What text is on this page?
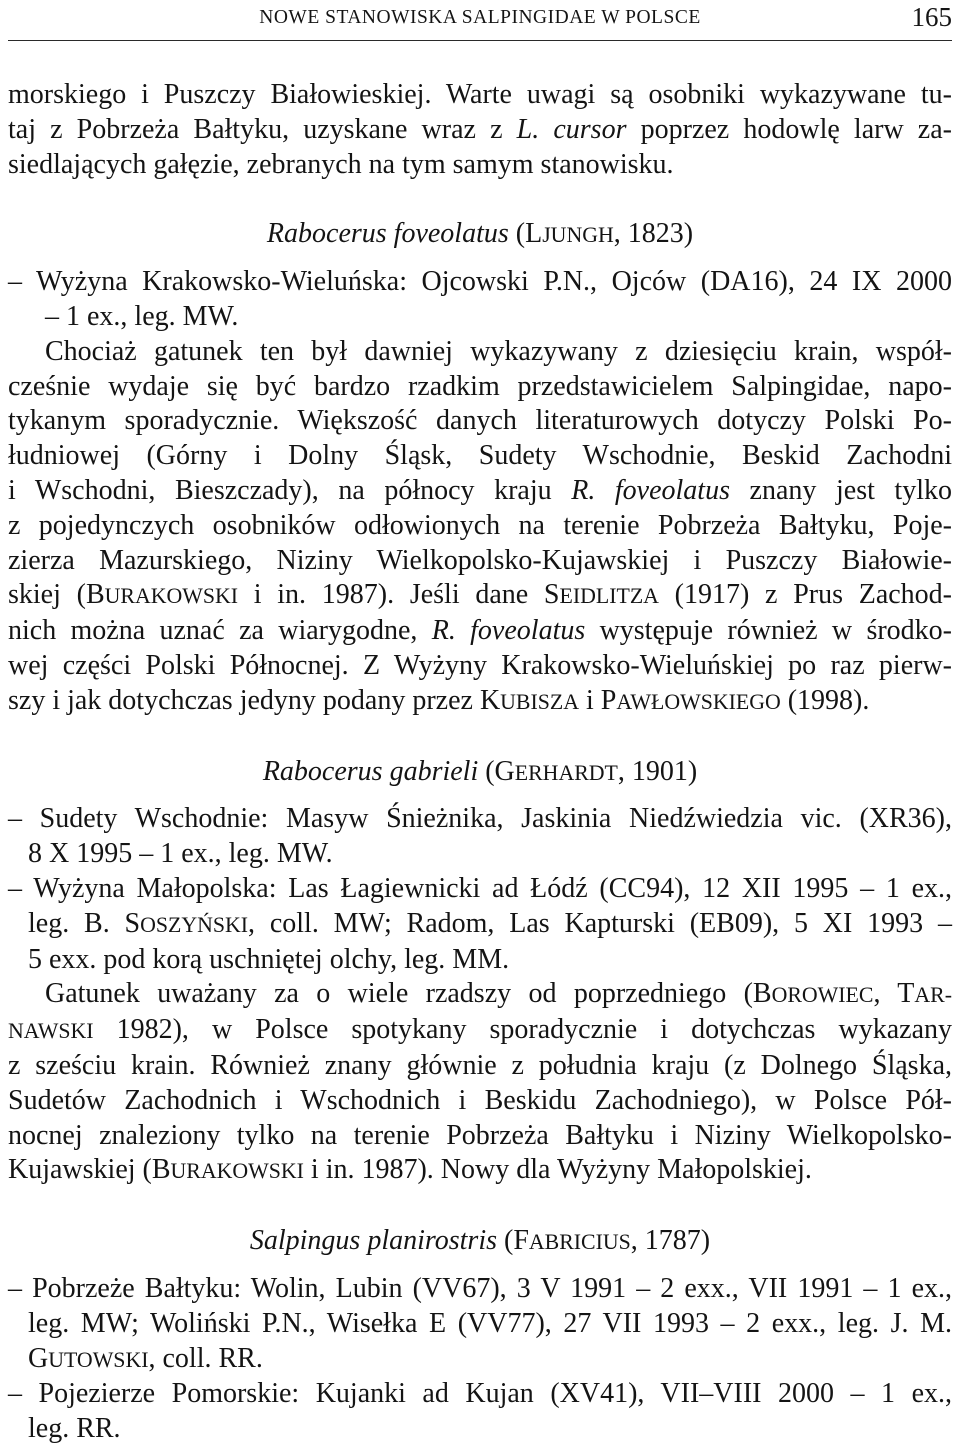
NOWE STANOWISKA SALPINGIDAE W POLSCE	165
morskiego i Puszczy Białowieskiej. Warte uwagi są osobniki wykazywane tu-
taj z Pobrzeża Bałtyku, uzyskane wraz z L. cursor poprzez hodowlę larw za-
siedlających gałęzie, zebranych na tym samym stanowisku.
Rabocerus foveolatus (LJUNGH, 1823)
– Wyżyna Krakowsko-Wieluńska: Ojcowski P.N., Ojców (DA16), 24 IX 2000
– 1 ex., leg. MW.
Chociaż gatunek ten był dawniej wykazywany z dziesięciu krain, współ-
cześnie wydaje się być bardzo rzadkim przedstawicielem Salpingidae, napo-
tykanym sporadycznie. Większość danych literaturowych dotyczy Polski Po-
łudniowej (Górny i Dolny Śląsk, Sudety Wschodnie, Beskid Zachodni
i Wschodni, Bieszczady), na północy kraju R. foveolatus znany jest tylko
z pojedynczych osobników odłowionych na terenie Pobrzeża Bałtyku, Poje-
zierza Mazurskiego, Niziny Wielkopolsko-Kujawskiej i Puszczy Białowie-
skiej (BURAKOWSKI i in. 1987). Jeśli dane SEIDLITZA (1917) z Prus Zachod-
nich można uznać za wiarygodne, R. foveolatus występuje również w środko-
wej części Polski Północnej. Z Wyżyny Krakowsko-Wieluńskiej po raz pierw-
szy i jak dotychczas jedyny podany przez KUBISZA i PAWŁOWSKIEGO (1998).
Rabocerus gabrieli (GERHARDT, 1901)
– Sudety Wschodnie: Masyw Śnieżnika, Jaskinia Niedźwiedzia vic. (XR36),
8 X 1995 – 1 ex., leg. MW.
– Wyżyna Małopolska: Las Łagiewnicki ad Łódź (CC94), 12 XII 1995 – 1 ex.,
leg. B. SOSZYŃSKI, coll. MW; Radom, Las Kapturski (EB09), 5 XI 1993 –
5 exx. pod korą uschniętej olchy, leg. MM.
Gatunek uważany za o wiele rzadszy od poprzedniego (BOROWIEC, TAR-
NAWSKI 1982), w Polsce spotykany sporadycznie i dotychczas wykazany
z sześciu krain. Również znany głównie z południa kraju (z Dolnego Śląska,
Sudetów Zachodnich i Wschodnich i Beskidu Zachodniego), w Polsce Pół-
nocnej znaleziony tylko na terenie Pobrzeża Bałtyku i Niziny Wielkopolsko-
Kujawskiej (BURAKOWSKI i in. 1987). Nowy dla Wyżyny Małopolskiej.
Salpingus planirostris (FABRICIUS, 1787)
– Pobrzeże Bałtyku: Wolin, Lubin (VV67), 3 V 1991 – 2 exx., VII 1991 – 1 ex.,
leg. MW; Woliński P.N., Wisełka E (VV77), 27 VII 1993 – 2 exx., leg. J. M.
GUTOWSKI, coll. RR.
– Pojezierze Pomorskie: Kujanki ad Kujan (XV41), VII–VIII 2000 – 1 ex.,
leg. RR.
